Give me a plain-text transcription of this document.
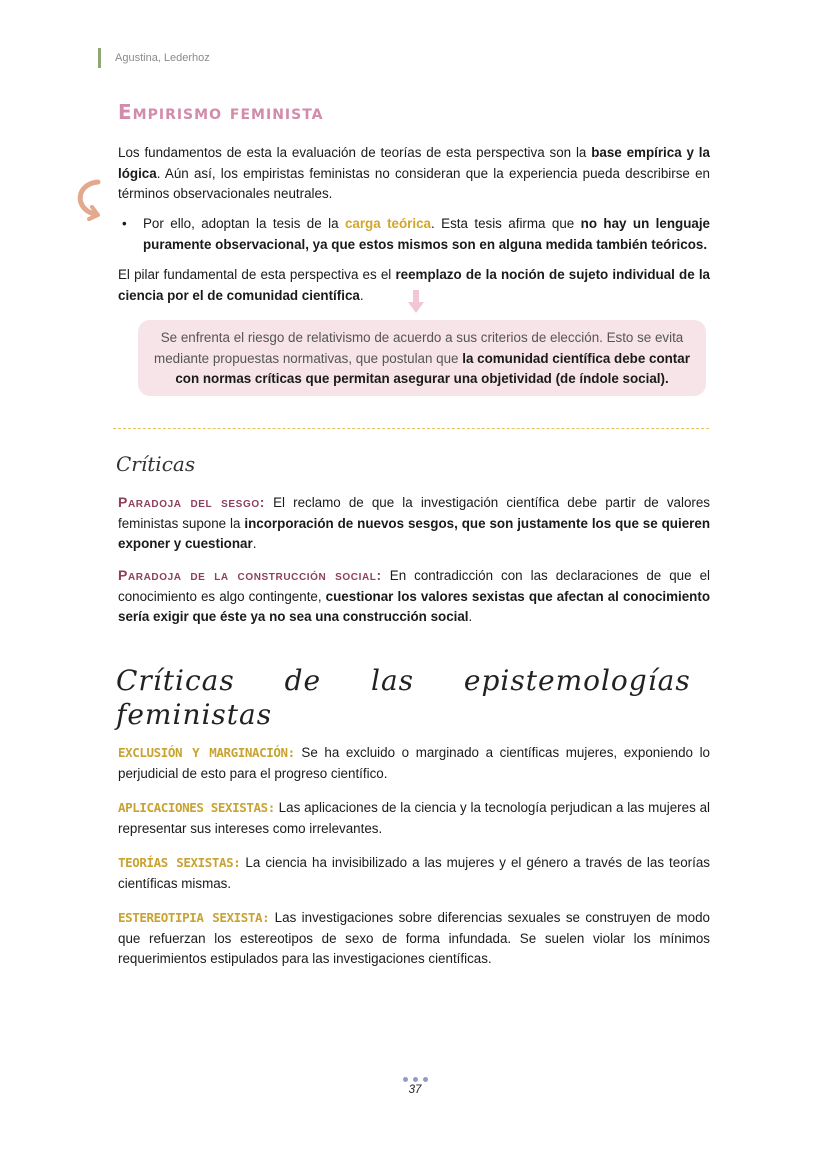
Agustina, Lederhoz
Empirismo feminista
Los fundamentos de esta la evaluación de teorías de esta perspectiva son la base empírica y la lógica. Aún así, los empiristas feministas no consideran que la experiencia pueda describirse en términos observacionales neutrales.
• Por ello, adoptan la tesis de la carga teórica. Esta tesis afirma que no hay un lenguaje puramente observacional, ya que estos mismos son en alguna medida también teóricos.
El pilar fundamental de esta perspectiva es el reemplazo de la noción de sujeto individual de la ciencia por el de comunidad científica.
Se enfrenta el riesgo de relativismo de acuerdo a sus criterios de elección. Esto se evita mediante propuestas normativas, que postulan que la comunidad científica debe contar con normas críticas que permitan asegurar una objetividad (de índole social).
Críticas
Paradoja del sesgo: El reclamo de que la investigación científica debe partir de valores feministas supone la incorporación de nuevos sesgos, que son justamente los que se quieren exponer y cuestionar.
Paradoja de la construcción social: En contradicción con las declaraciones de que el conocimiento es algo contingente, cuestionar los valores sexistas que afectan al conocimiento sería exigir que éste ya no sea una construcción social.
Críticas de las epistemologías
feministas
EXCLUSIÓN Y MARGINACIÓN: Se ha excluido o marginado a científicas mujeres, exponiendo lo perjudicial de esto para el progreso científico.
APLICACIONES SEXISTAS: Las aplicaciones de la ciencia y la tecnología perjudican a las mujeres al representar sus intereses como irrelevantes.
TEORÍAS SEXISTAS: La ciencia ha invisibilizado a las mujeres y el género a través de las teorías científicas mismas.
ESTEREOTIPIA SEXISTA: Las investigaciones sobre diferencias sexuales se construyen de modo que refuerzan los estereotipos de sexo de forma infundada. Se suelen violar los mínimos requerimientos estipulados para las investigaciones científicas.
37
